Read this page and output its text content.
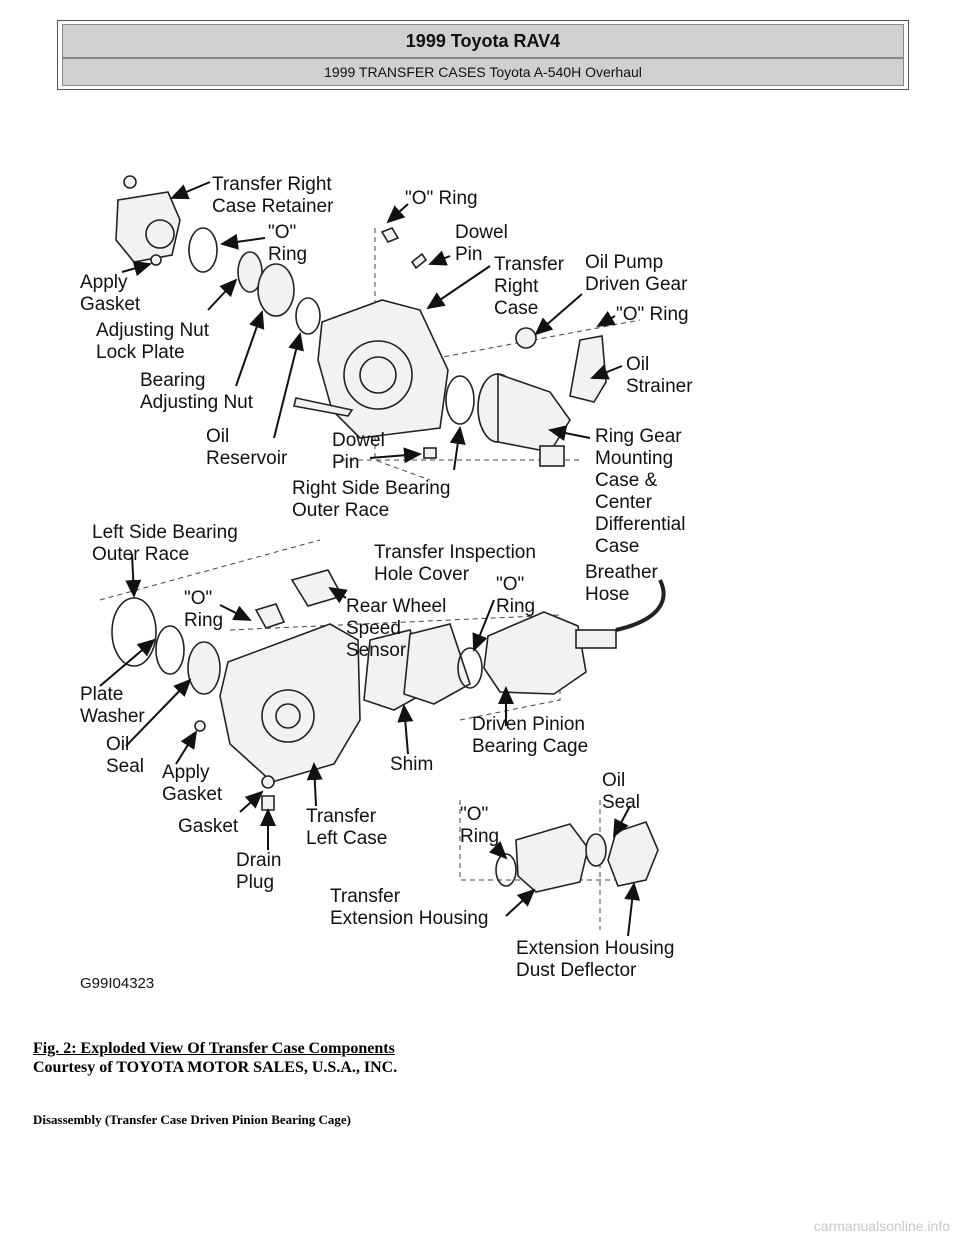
1999 Toyota RAV4
1999 TRANSFER CASES Toyota A-540H Overhaul
Transfer Right Case Retainer	"O" Ring
"O" Ring
Dowel Pin Transfer Right Case
Oil Pump Driven Gear
"O" Ring
Apply Gasket
Adjusting Nut Lock Plate
Oil Strainer
Bearing Adjusting Nut
Oil Reservoir
Dowel Pin
Ring Gear Mounting Case & Center Differential Case
Right Side Bearing Outer Race
Left Side Bearing Outer Race	Transfer Inspection Hole Cover	Breather Hose
"O" Ring
Rear Wheel Speed Sensor
"O" Ring
Plate Washer
Oil Seal Apply Gasket
Shim
Driven Pinion Bearing Cage
Oil Seal
Gasket	Transfer Left Case
"O" Ring
Drain Plug
Transfer Extension Housing
Extension Housing Dust Deflector
G99I04323
Fig. 2: Exploded View Of Transfer Case Components
Courtesy of TOYOTA MOTOR SALES, U.S.A., INC.
Disassembly (Transfer Case Driven Pinion Bearing Cage)
carmanualsonline.info
